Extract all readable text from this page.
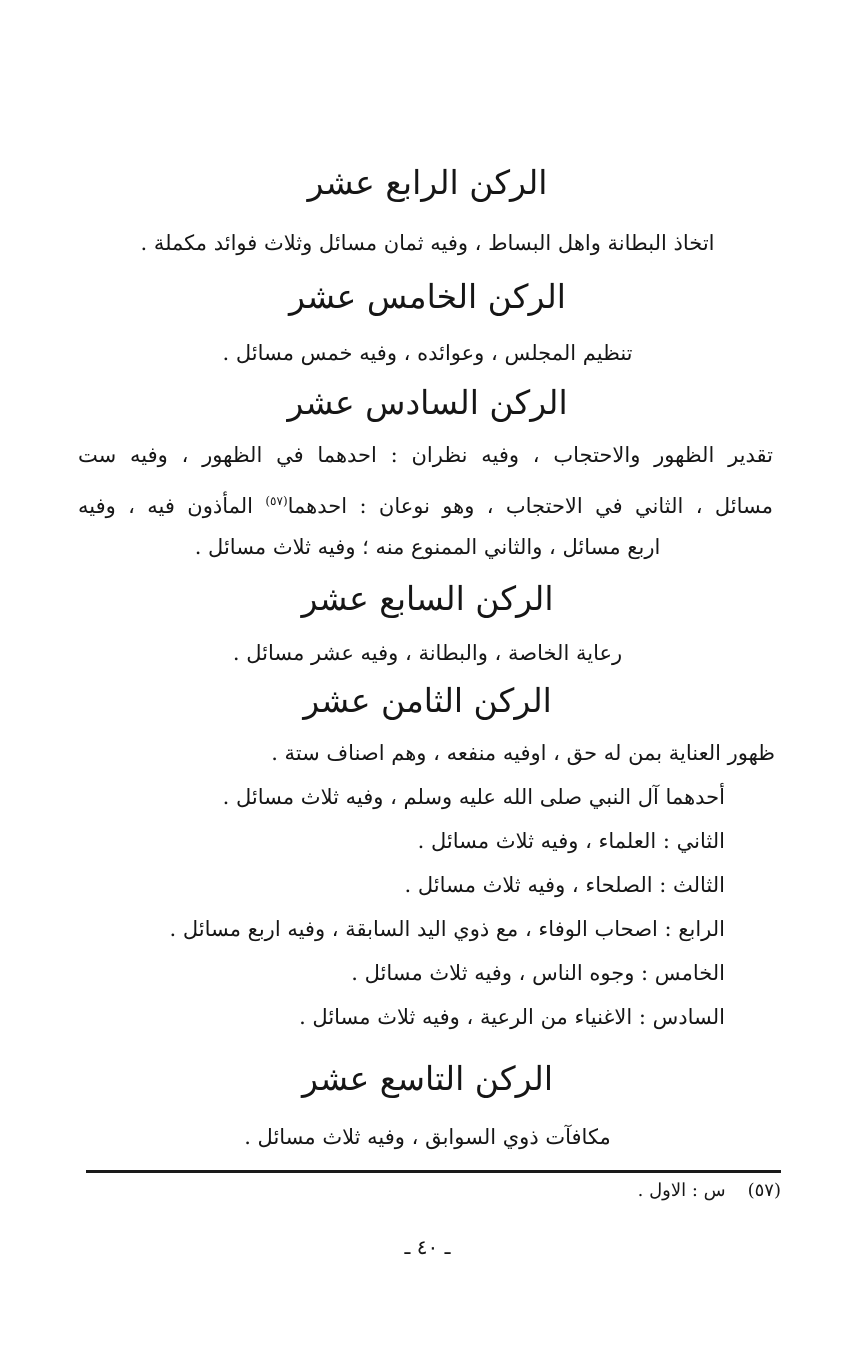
الركن الرابع عشر
اتخاذ البطانة واهل البساط ، وفيه ثمان مسائل وثلاث فوائد مكملة .
الركن الخامس عشر
تنظيم المجلس ، وعوائده ، وفيه خمس مسائل .
الركن السادس عشر
تقدير الظهور والاحتجاب ، وفيه نظران : احدهما في الظهور ، وفيه ست
مسائل ، الثاني في الاحتجاب ، وهو نوعان : احدهما$^{(٥٧)}$ المأذون فيه ، وفيه
اربع مسائل ، والثاني الممنوع منه ؛ وفيه ثلاث مسائل .
الركن السابع عشر
رعاية الخاصة ، والبطانة ، وفيه عشر مسائل .
الركن الثامن عشر
ظهور العناية بمن له حق ، اوفيه منفعه ، وهم اصناف ستة .
أحدهما آل النبي صلى الله عليه وسلم ، وفيه ثلاث مسائل .
الثاني : العلماء ، وفيه ثلاث مسائل .
الثالث : الصلحاء ، وفيه ثلاث مسائل .
الرابع : اصحاب الوفاء ، مع ذوي اليد السابقة ، وفيه اربع مسائل .
الخامس : وجوه الناس ، وفيه ثلاث مسائل .
السادس : الاغنياء من الرعية ، وفيه ثلاث مسائل .
الركن التاسع عشر
مكافآت ذوي السوابق ، وفيه ثلاث مسائل .
(٥٧)س : الاول .
ـ ٤٠ ـ
